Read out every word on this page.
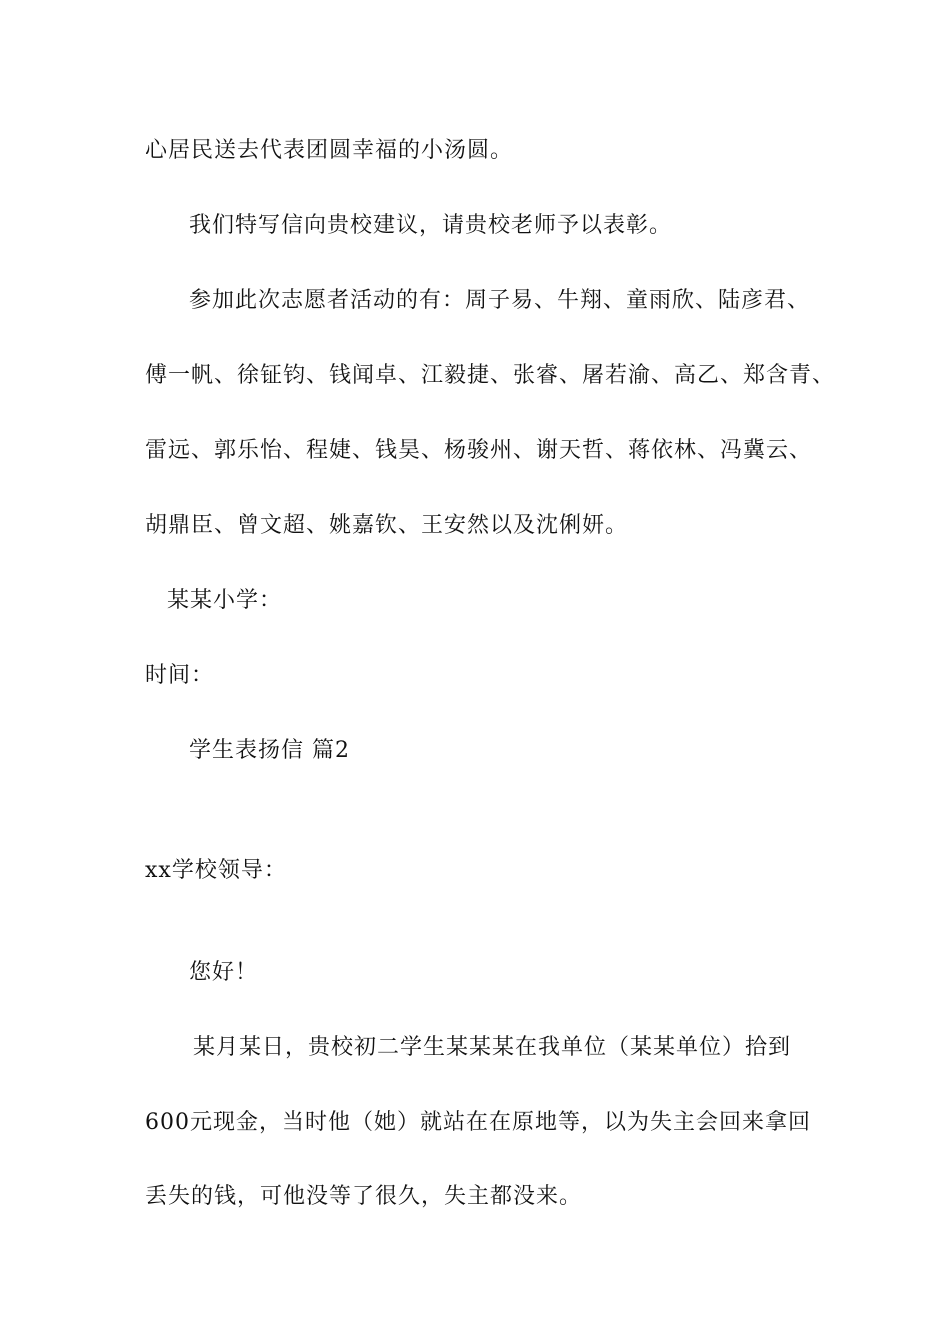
心居民送去代表团圆幸福的小汤圆。
我们特写信向贵校建议，请贵校老师予以表彰。
参加此次志愿者活动的有：周子易、牛翔、童雨欣、陆彦君、
傅一帆、徐钲钧、钱闻卓、江毅捷、张睿、屠若渝、高乙、郑含青、
雷远、郭乐怡、程婕、钱昊、杨骏州、谢天哲、蒋依林、冯冀云、
胡鼎臣、曾文超、姚嘉钦、王安然以及沈俐妍。
某某小学：
时间：
学生表扬信 篇2
xx学校领导：
您好！
某月某日，贵校初二学生某某某在我单位（某某单位）拾到
600元现金，当时他（她）就站在在原地等，以为失主会回来拿回
丢失的钱，可他没等了很久，失主都没来。
